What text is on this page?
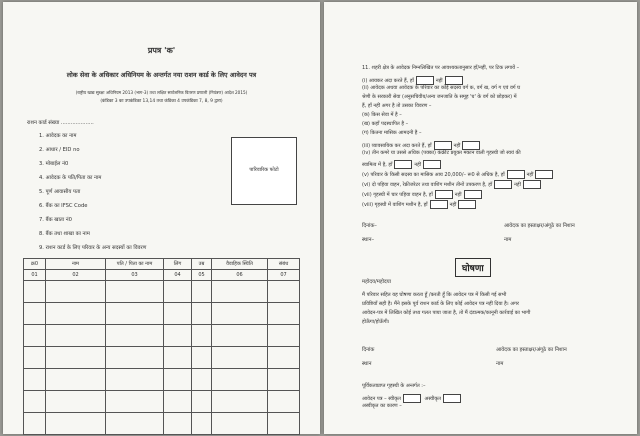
प्रपत्र 'क'
लोक सेवा के अधिकार अधिनियम के अन्तर्गत नया राशन कार्ड के लिए आवेदन पत्र
(राष्ट्रीय खाद्य सुरक्षा अधिनियम 2013 (भाग-3) तथा लक्षित सार्वजनिक वितरण प्रणाली (नियंत्रण) आदेश 2015)
(कंडिका 3 का उपकंडिका 13,14 तथा कंडिका 4 उपकंडिका 7, 8, 9 द्वारा)
राशन कार्ड संख्या ....................
पारिवारिक फोटो
1. आवेदक का नाम
2. आधार / EID no
3. मोबाईल नं0
4. आवेदक के पति/पिता का नाम
5. पूर्ण आवासीय पता
6. बैंक का IFSC Code
7. बैंक खाता नं0
8. बैंक तथा शाखा का नाम
9. राशन कार्ड के लिए परिवार के अन्य सदस्यों का विवरण
क्र0	नाम	पति / पिता का नाम	लिंग	उम्र	वैवाहिक स्थिति	संबंध
01	02	03	04	05	06	07

11. शहरी क्षेत्र के आवेदक निम्नलिखित पर आवश्यकतानुसार हाँ/नहीं, पर टिक लगायें –
(i) आयकर अदा करते हैं, हाँ	नहीं
(ii) आवेदक अथवा आवेदक के परिवार का कोई सदस्य वर्ग क, वर्ग ख, वर्ग ग एवं वर्ग घ
श्रेणी के सरकारी सेवा (अनुसचिवीय/अन्य जनजाति के समूह 'घ' के वर्ग को छोड़कर) में
हैं, हाँ नहीं अगर है तो उसका विवरण –
(क) किस सेवा में है –
(ख) कहाँ पदस्थापित है –
(ग) कितना मासिक आमदनी है –
(iii) व्यावसायिक कर अदा करते हैं, हाँ	नहीं
(iv) तीन कमरे या उससे अधिक (पक्का) कंक्रीट प्रयुक्त मकान वाली गृहस्थी जो स्वयं की
स्वामित्व में है, हाँ	नहीं
(v) परिवार के किसी सदस्य का मासिक आय 20,000/– रू0 से अधिक है, हाँ	नहीं
(vi) दो पहिया वाहन, रेफ्रीजरेटर तथा वाशिंग मशीन तीनों उपकरण है, हाँ	नहीं
(vii) गृहस्थी में चार पहिया वाहन है, हाँ	नहीं
(viii) गृहस्थी में वाशिंग मशीन है, हाँ	नहीं
दिनांक–	आवेदक का हस्ताक्षर/अंगूठे का निशान
स्थान–	नाम
घोषणा
महोदय/महोदया
मैं परिवार सहित यह घोषणा करता हूँ /करती हूँ कि आवेदन पत्र में किसी गई सभी
प्रविष्टियाँ सही है। मैंने इसके पूर्व राशन कार्ड के लिए कोई आवेदन पत्र नहीं दिया है। अगर
आवेदन-पत्र में लिखित कोई तथ्य गलत पाया जाता है, तो मैं दंडात्मक/कानूनी कार्रवाई का भागी
होऊँगा/होऊँगी।
दिनांक	आवेदक का हस्ताक्षर/अंगूठे का निशान
स्थान	नाम
पूर्विकताप्राप्त गृहस्थी के अन्तर्गत :–
आवेदन पत्र – स्वीकृत	अस्वीकृत
अस्वीकृत का कारण –
